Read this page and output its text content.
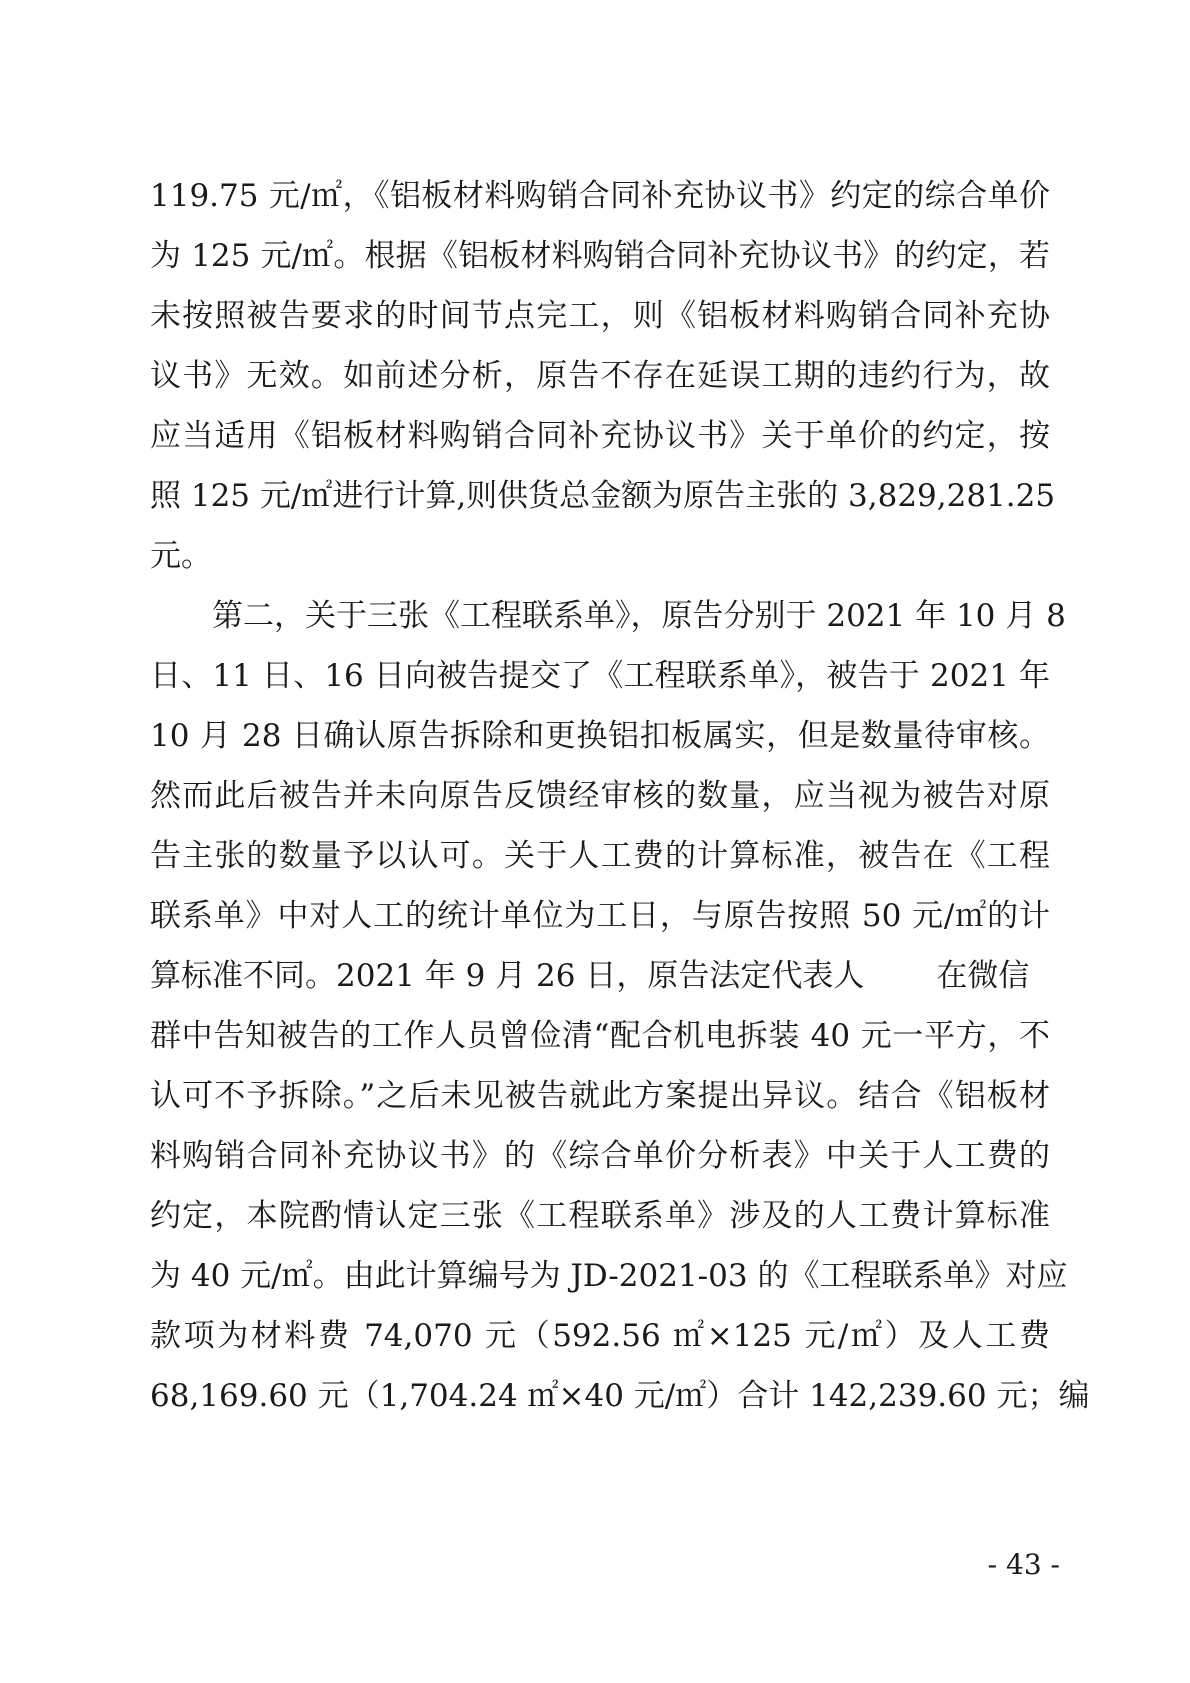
119.75 元/㎡，《铝板材料购销合同补充协议书》约定的综合单价
为 125 元/㎡。根据《铝板材料购销合同补充协议书》的约定，若
未按照被告要求的时间节点完工，则《铝板材料购销合同补充协
议书》无效。如前述分析，原告不存在延误工期的违约行为，故
应当适用《铝板材料购销合同补充协议书》关于单价的约定，按
照 125 元/㎡进行计算,则供货总金额为原告主张的 3,829,281.25
元。
第二，关于三张《工程联系单》，原告分别于 2021 年 10 月 8
日、11 日、16 日向被告提交了《工程联系单》，被告于 2021 年
10 月 28 日确认原告拆除和更换铝扣板属实，但是数量待审核。
然而此后被告并未向原告反馈经审核的数量，应当视为被告对原
告主张的数量予以认可。关于人工费的计算标准，被告在《工程
联系单》中对人工的统计单位为工日，与原告按照 50 元/㎡的计
算标准不同。2021 年 9 月 26 日，原告法定代表人 在微信
群中告知被告的工作人员曾俭清“配合机电拆装 40 元一平方，不
认可不予拆除。”之后未见被告就此方案提出异议。结合《铝板材
料购销合同补充协议书》的《综合单价分析表》中关于人工费的
约定，本院酌情认定三张《工程联系单》涉及的人工费计算标准
为 40 元/㎡。由此计算编号为 JD-2021-03 的《工程联系单》对应
款项为材料费 74,070 元（592.56 ㎡×125 元/㎡）及人工费
68,169.60 元（1,704.24 ㎡×40 元/㎡）合计 142,239.60 元；编
- 43 -
